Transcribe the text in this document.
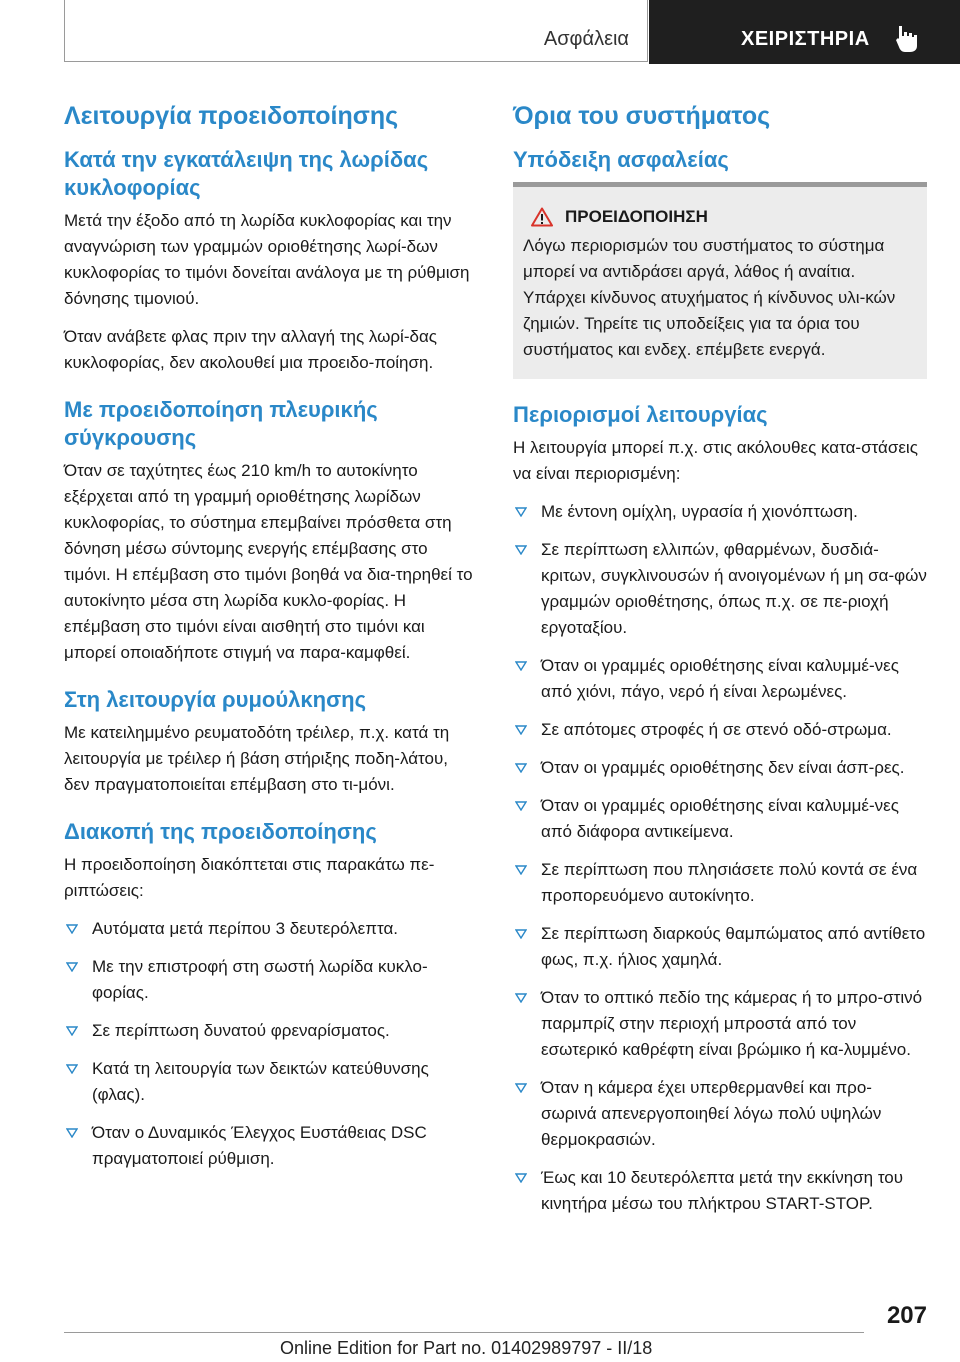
Ασφάλεια	ΧΕΙΡΙΣΤΗΡΙΑ
Λειτουργία προειδοποίησης
Κατά την εγκατάλειψη της λωρίδας κυκλοφορίας

Μετά την έξοδο από τη λωρίδα κυκλοφορίας και την αναγνώριση των γραμμών οριοθέτησης λωρί-δων κυκλοφορίας το τιμόνι δονείται ανάλογα με τη ρύθμιση δόνησης τιμονιού.

Όταν ανάβετε φλας πριν την αλλαγή της λωρί-δας κυκλοφορίας, δεν ακολουθεί μια προειδο-ποίηση.

Με προειδοποίηση πλευρικής σύγκρουσης

Όταν σε ταχύτητες έως 210 km/h το αυτοκίνητο εξέρχεται από τη γραμμή οριοθέτησης λωρίδων κυκλοφορίας, το σύστημα επεμβαίνει πρόσθετα στη δόνηση μέσω σύντομης ενεργής επέμβασης στο τιμόνι. Η επέμβαση στο τιμόνι βοηθά να δια-τηρηθεί το αυτοκίνητο μέσα στη λωρίδα κυκλο-φορίας. Η επέμβαση στο τιμόνι είναι αισθητή στο τιμόνι και μπορεί οποιαδήποτε στιγμή να παρα-καμφθεί.

Στη λειτουργία ρυμούλκησης

Με κατειλημμένο ρευματοδότη τρέιλερ, π.χ. κατά τη λειτουργία με τρέιλερ ή βάση στήριξης ποδη-λάτου, δεν πραγματοποιείται επέμβαση στο τι-μόνι.

Διακοπή της προειδοποίησης

Η προειδοποίηση διακόπτεται στις παρακάτω πε-ριπτώσεις:

Αυτόματα μετά περίπου 3 δευτερόλεπτα.
Με την επιστροφή στη σωστή λωρίδα κυκλο-φορίας.
Σε περίπτωση δυνατού φρεναρίσματος.
Κατά τη λειτουργία των δεικτών κατεύθυνσης (φλας).
Όταν ο Δυναμικός Έλεγχος Ευστάθειας DSC πραγματοποιεί ρύθμιση.
Όρια του συστήματος
Υπόδειξη ασφαλείας
ΠΡΟΕΙΔΟΠΟΙΗΣΗ

Λόγω περιορισμών του συστήματος το σύστημα μπορεί να αντιδράσει αργά, λάθος ή αναίτια. Υπάρχει κίνδυνος ατυχήματος ή κίνδυνος υλι-κών ζημιών. Τηρείτε τις υποδείξεις για τα όρια του συστήματος και ενδεχ. επέμβετε ενεργά.

Περιορισμοί λειτουργίας

Η λειτουργία μπορεί π.χ. στις ακόλουθες κατα-στάσεις να είναι περιορισμένη:

Με έντονη ομίχλη, υγρασία ή χιονόπτωση.
Σε περίπτωση ελλιπών, φθαρμένων, δυσδιά-κριτων, συγκλινουσών ή ανοιγομένων ή μη σα-φών γραμμών οριοθέτησης, όπως π.χ. σε πε-ριοχή εργοταξίου.
Όταν οι γραμμές οριοθέτησης είναι καλυμμέ-νες από χιόνι, πάγο, νερό ή είναι λερωμένες.
Σε απότομες στροφές ή σε στενό οδό-στρωμα.
Όταν οι γραμμές οριοθέτησης δεν είναι άσπ-ρες.
Όταν οι γραμμές οριοθέτησης είναι καλυμμέ-νες από διάφορα αντικείμενα.
Σε περίπτωση που πλησιάσετε πολύ κοντά σε ένα προπορευόμενο αυτοκίνητο.
Σε περίπτωση διαρκούς θαμπώματος από αντίθετο φως, π.χ. ήλιος χαμηλά.
Όταν το οπτικό πεδίο της κάμερας ή το μπρο-στινό παρμπρίζ στην περιοχή μπροστά από τον εσωτερικό καθρέφτη είναι βρώμικο ή κα-λυμμένο.
Όταν η κάμερα έχει υπερθερμανθεί και προ-σωρινά απενεργοποιηθεί λόγω πολύ υψηλών θερμοκρασιών.
Έως και 10 δευτερόλεπτα μετά την εκκίνηση του κινητήρα μέσω του πλήκτρου START-STOP.
207
Online Edition for Part no. 01402989797 - II/18
